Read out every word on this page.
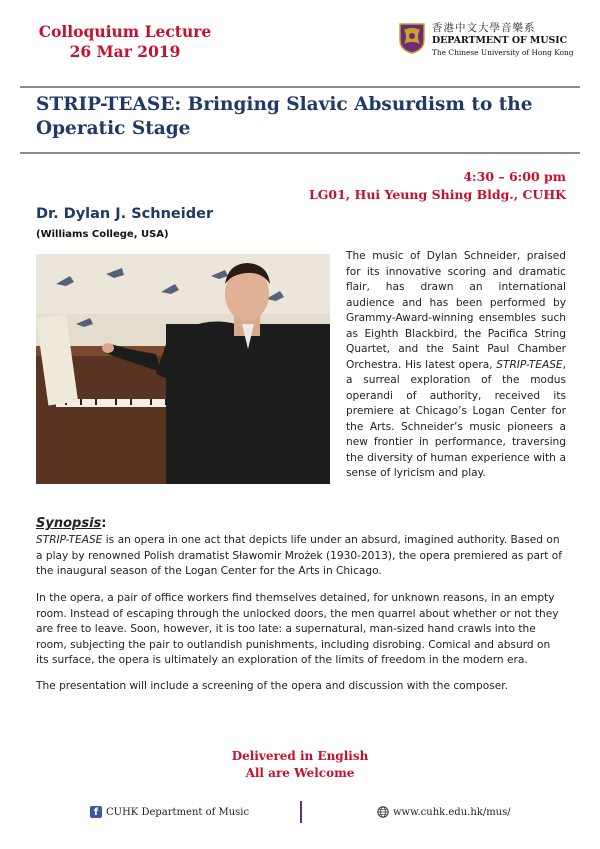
Colloquium Lecture
26 Mar 2019
香港中文大學音樂系
DEPARTMENT OF MUSIC
The Chinese University of Hong Kong
STRIP-TEASE: Bringing Slavic Absurdism to the Operatic Stage
4:30 – 6:00 pm
LG01, Hui Yeung Shing Bldg., CUHK
Dr. Dylan J. Schneider
(Williams College, USA)

The music of Dylan Schneider, praised for its innovative scoring and dramatic flair, has drawn an international audience and has been performed by Grammy-Award-winning ensembles such as Eighth Blackbird, the Pacifica String Quartet, and the Saint Paul Chamber Orchestra. His latest opera, STRIP-TEASE, a surreal exploration of the modus operandi of authority, received its premiere at Chicago’s Logan Center for the Arts. Schneider’s music pioneers a new frontier in performance, traversing the diversity of human experience with a sense of lyricism and play.

Synopsis:

STRIP-TEASE is an opera in one act that depicts life under an absurd, imagined authority. Based on a play by renowned Polish dramatist Sławomir Mrożek (1930-2013), the opera premiered as part of the inaugural season of the Logan Center for the Arts in Chicago.

In the opera, a pair of office workers find themselves detained, for unknown reasons, in an empty room. Instead of escaping through the unlocked doors, the men quarrel about whether or not they are free to leave. Soon, however, it is too late: a supernatural, man-sized hand crawls into the room, subjecting the pair to outlandish punishments, including disrobing. Comical and absurd on its surface, the opera is ultimately an exploration of the limits of freedom in the modern era.

The presentation will include a screening of the opera and discussion with the composer.

Delivered in English
All are Welcome
f CUHK Department of Music	www.cuhk.edu.hk/mus/
